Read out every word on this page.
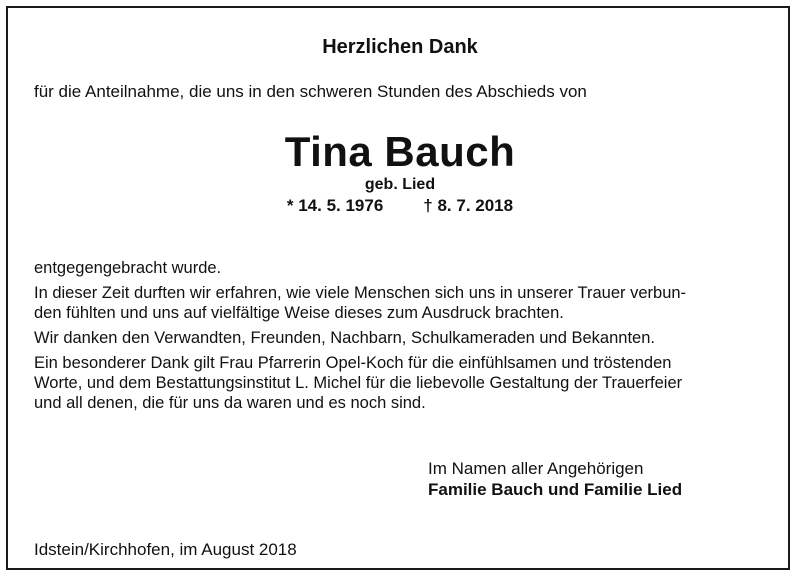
Herzlichen Dank
für die Anteilnahme, die uns in den schweren Stunden des Abschieds von
Tina Bauch
geb. Lied
* 14. 5. 1976 † 8. 7. 2018

entgegengebracht wurde.

In dieser Zeit durften wir erfahren, wie viele Menschen sich uns in unserer Trauer verbun-
den fühlten und uns auf vielfältige Weise dieses zum Ausdruck brachten.

Wir danken den Verwandten, Freunden, Nachbarn, Schulkameraden und Bekannten.

Ein besonderer Dank gilt Frau Pfarrerin Opel-Koch für die einfühlsamen und tröstenden
Worte, und dem Bestattungsinstitut L. Michel für die liebevolle Gestaltung der Trauerfeier
und all denen, die für uns da waren und es noch sind.

Im Namen aller Angehörigen
Familie Bauch und Familie Lied
Idstein/Kirchhofen, im August 2018
